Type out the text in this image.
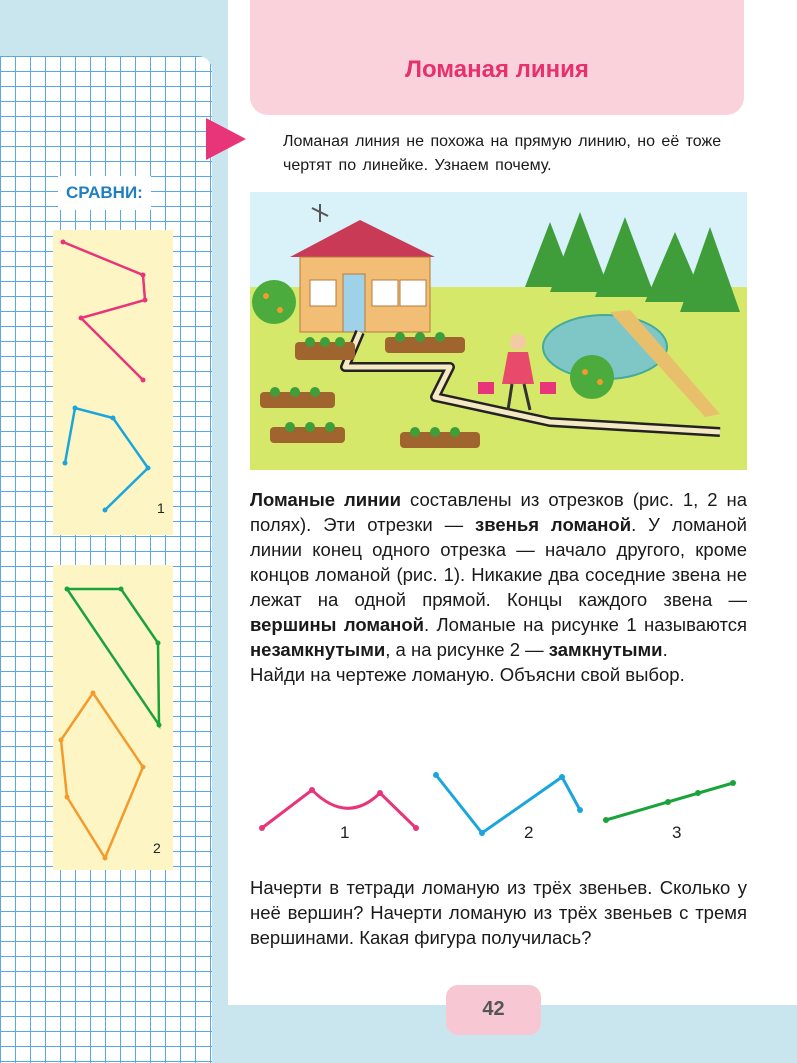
Ломаная линия

Ломаная линия не похожа на прямую линию, но её тоже чертят по линейке. Узнаем почему.

СРАВНИ:
1
2

Ломаные линии составлены из отрезков (рис. 1, 2 на полях). Эти отрезки — звенья ломаной. У ломаной линии конец одного отрезка — начало другого, кроме концов ломаной (рис. 1). Никакие два соседние звена не лежат на одной прямой. Концы каждого звена — вершины ломаной. Ломаные на рисунке 1 называются незамкнутыми, а на рисунке 2 — замкнутыми.
Найди на чертеже ломаную. Объясни свой выбор.

1	2	3

Начерти в тетради ломаную из трёх звеньев. Сколько у неё вершин? Начерти ломаную из трёх звеньев с тремя вершинами. Какая фигура получилась?

42
